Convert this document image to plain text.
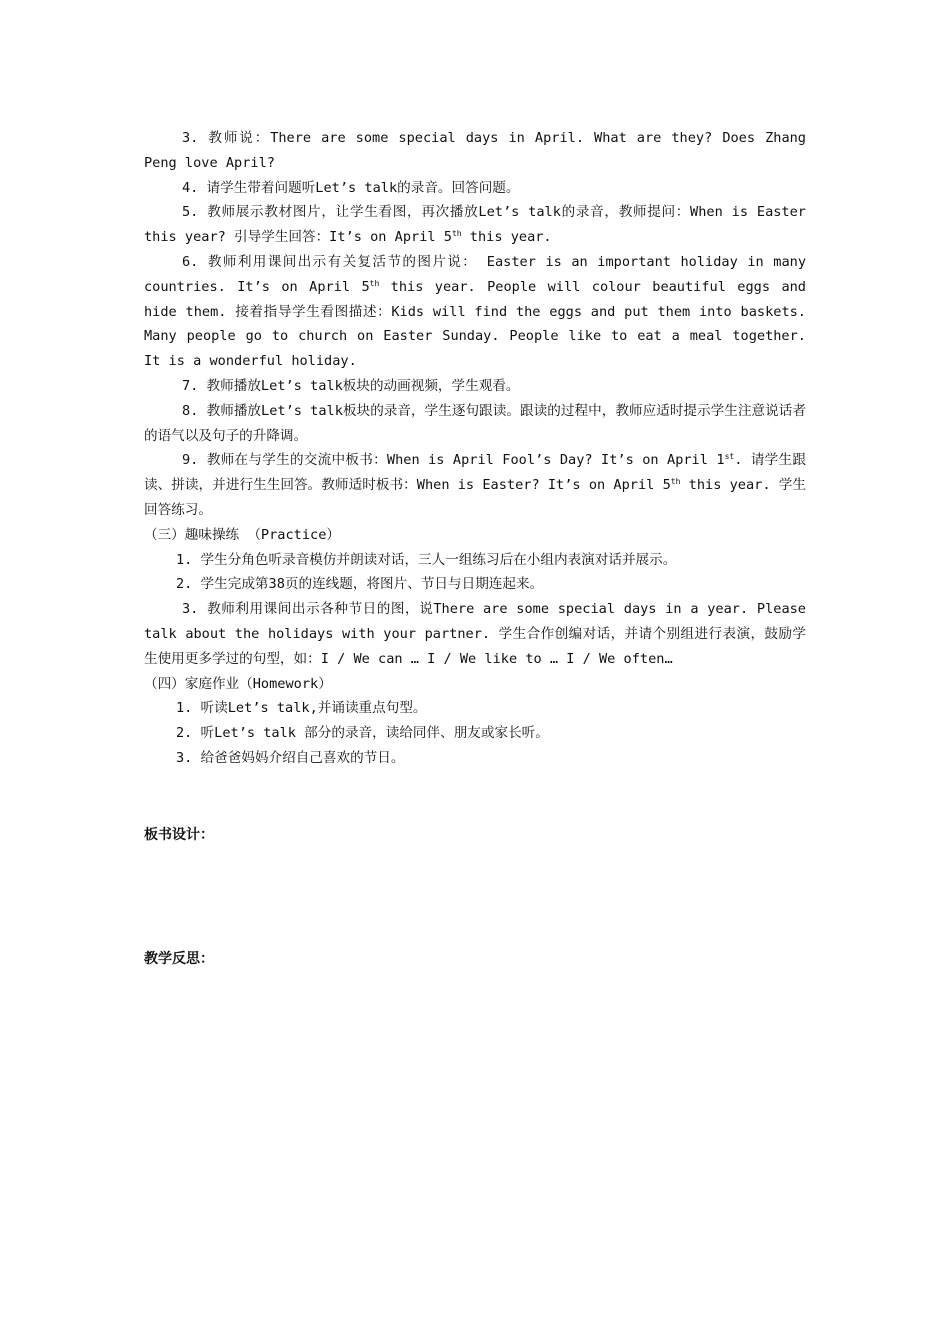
3. 教师说：There are some special days in April. What are they? Does Zhang Peng love April?

4. 请学生带着问题听Let’s talk的录音。回答问题。

5. 教师展示教材图片，让学生看图，再次播放Let’s talk的录音，教师提问：When is Easter this year? 引导学生回答：It’s on April 5th this year.

6. 教师利用课间出示有关复活节的图片说： Easter is an important holiday in many countries. It’s on April 5th this year. People will colour beautiful eggs and hide them. 接着指导学生看图描述：Kids will find the eggs and put them into baskets. Many people go to church on Easter Sunday. People like to eat a meal together. It is a wonderful holiday.

7. 教师播放Let’s talk板块的动画视频，学生观看。

8. 教师播放Let’s talk板块的录音，学生逐句跟读。跟读的过程中，教师应适时提示学生注意说话者的语气以及句子的升降调。

9. 教师在与学生的交流中板书：When is April Fool’s Day? It’s on April 1st. 请学生跟读、拼读，并进行生生回答。教师适时板书：When is Easter? It’s on April 5th this year. 学生回答练习。

（三）趣味操练 （Practice）

1. 学生分角色听录音模仿并朗读对话，三人一组练习后在小组内表演对话并展示。

2. 学生完成第38页的连线题，将图片、节日与日期连起来。

3. 教师利用课间出示各种节日的图，说There are some special days in a year. Please talk about the holidays with your partner. 学生合作创编对话，并请个别组进行表演，鼓励学生使用更多学过的句型，如：I / We can … I / We like to … I / We often…

（四）家庭作业（Homework）

1. 听读Let’s talk,并诵读重点句型。

2. 听Let’s talk 部分的录音，读给同伴、朋友或家长听。

3. 给爸爸妈妈介绍自己喜欢的节日。

板书设计：

教学反思：
